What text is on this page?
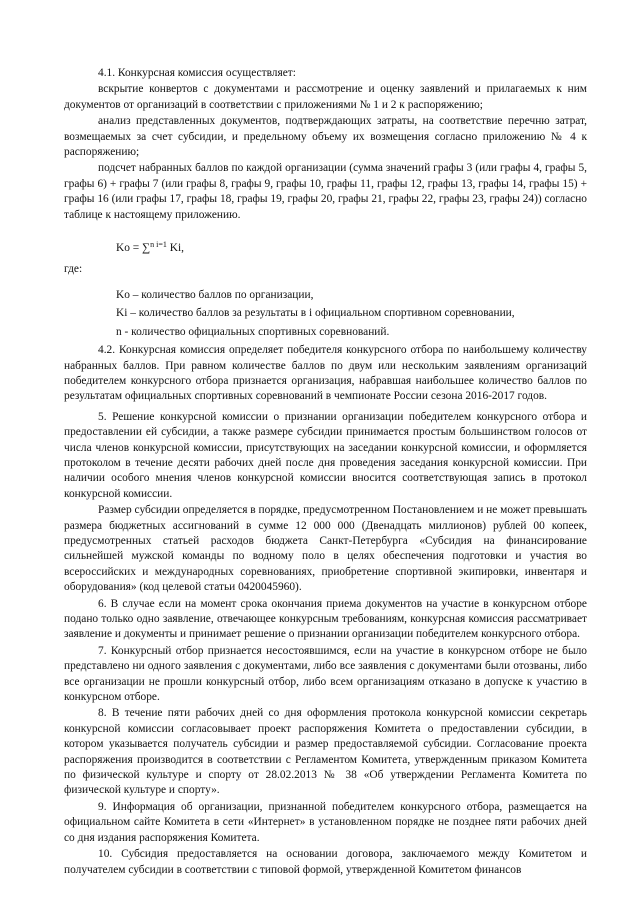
4.1. Конкурсная комиссия осуществляет:

вскрытие конвертов с документами и рассмотрение и оценку заявлений и прилагаемых к ним документов от организаций в соответствии с приложениями № 1 и 2 к распоряжению;

анализ представленных документов, подтверждающих затраты, на соответствие перечню затрат, возмещаемых за счет субсидии, и предельному объему их возмещения согласно приложению № 4 к распоряжению;

подсчет набранных баллов по каждой организации (сумма значений графы 3 (или графы 4, графы 5, графы 6) + графы 7 (или графы 8, графы 9, графы 10, графы 11, графы 12, графы 13, графы 14, графы 15) + графы 16 (или графы 17, графы 18, графы 19, графы 20, графы 21, графы 22, графы 23, графы 24)) согласно таблице к настоящему приложению.

Ko = ∑$^{n i=1}$ Ki,

где:

Ko – количество баллов по организации,

Ki – количество баллов за результаты в i официальном спортивном соревновании,

n - количество официальных спортивных соревнований.

4.2. Конкурсная комиссия определяет победителя конкурсного отбора по наибольшему количеству набранных баллов. При равном количестве баллов по двум или нескольким заявлениям организаций победителем конкурсного отбора признается организация, набравшая наибольшее количество баллов по результатам официальных спортивных соревнований в чемпионате России сезона 2016-2017 годов.

5. Решение конкурсной комиссии о признании организации победителем конкурсного отбора и предоставлении ей субсидии, а также размере субсидии принимается простым большинством голосов от числа членов конкурсной комиссии, присутствующих на заседании конкурсной комиссии, и оформляется протоколом в течение десяти рабочих дней после дня проведения заседания конкурсной комиссии. При наличии особого мнения членов конкурсной комиссии вносится соответствующая запись в протокол конкурсной комиссии.

Размер субсидии определяется в порядке, предусмотренном Постановлением и не может превышать размера бюджетных ассигнований в сумме 12 000 000 (Двенадцать миллионов) рублей 00 копеек, предусмотренных статьей расходов бюджета Санкт-Петербурга «Субсидия на финансирование сильнейшей мужской команды по водному поло в целях обеспечения подготовки и участия во всероссийских и международных соревнованиях, приобретение спортивной экипировки, инвентаря и оборудования» (код целевой статьи 0420045960).

6. В случае если на момент срока окончания приема документов на участие в конкурсном отборе подано только одно заявление, отвечающее конкурсным требованиям, конкурсная комиссия рассматривает заявление и документы и принимает решение о признании организации победителем конкурсного отбора.

7. Конкурсный отбор признается несостоявшимся, если на участие в конкурсном отборе не было представлено ни одного заявления с документами, либо все заявления с документами были отозваны, либо все организации не прошли конкурсный отбор, либо всем организациям отказано в допуске к участию в конкурсном отборе.

8. В течение пяти рабочих дней со дня оформления протокола конкурсной комиссии секретарь конкурсной комиссии согласовывает проект распоряжения Комитета о предоставлении субсидии, в котором указывается получатель субсидии и размер предоставляемой субсидии. Согласование проекта распоряжения производится в соответствии с Регламентом Комитета, утвержденным приказом Комитета по физической культуре и спорту от 28.02.2013 № 38 «Об утверждении Регламента Комитета по физической культуре и спорту».

9. Информация об организации, признанной победителем конкурсного отбора, размещается на официальном сайте Комитета в сети «Интернет» в установленном порядке не позднее пяти рабочих дней со дня издания распоряжения Комитета.

10. Субсидия предоставляется на основании договора, заключаемого между Комитетом и получателем субсидии в соответствии с типовой формой, утвержденной Комитетом финансов
